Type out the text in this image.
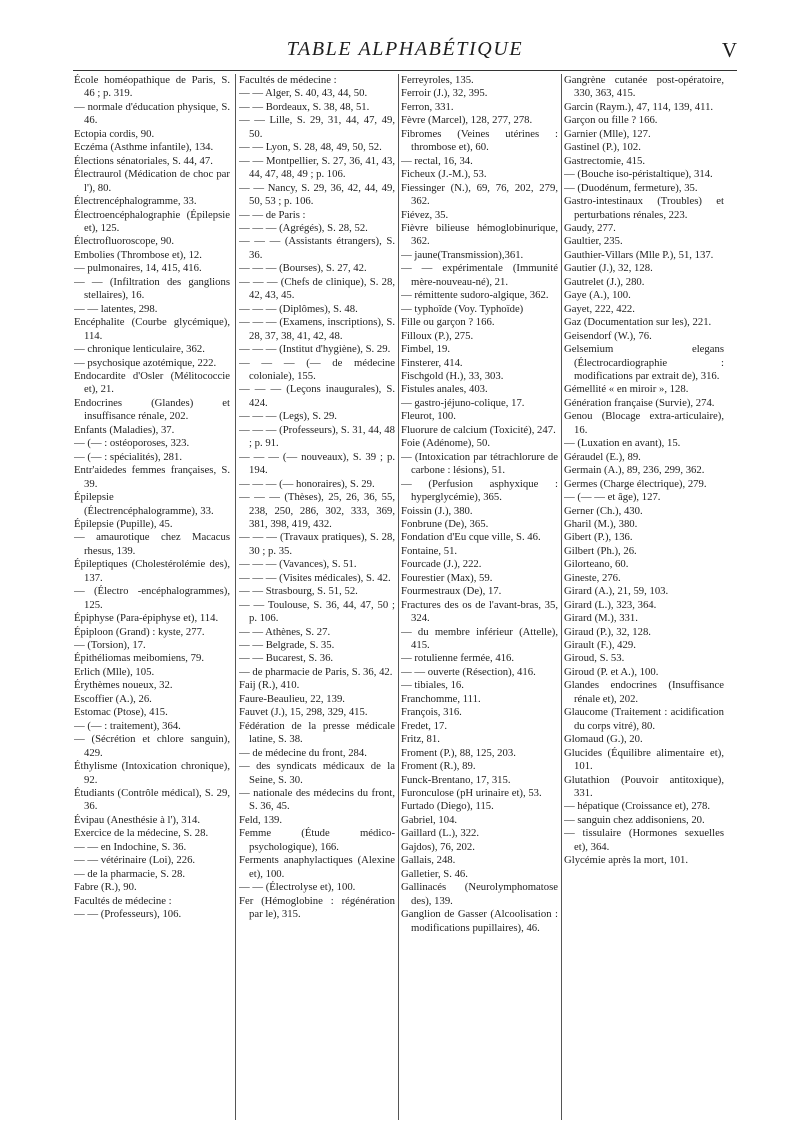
TABLE ALPHABÉTIQUE	V
École homéopathique de Paris, S. 46 ; p. 319.
— normale d'éducation physique, S. 46.
Ectopia cordis, 90.
Eczéma (Asthme infantile), 134.
Élections sénatoriales, S. 44, 47.
Électraurol (Médication de choc par l'), 80.
Électrencéphalogramme, 33.
Électroencéphalographie (Épilepsie et), 125.
Électrofluoroscope, 90.
Embolies (Thrombose et), 12.
— pulmonaires, 14, 415, 416.
— — (Infiltration des ganglions stellaires), 16.
— — latentes, 298.
Encéphalite (Courbe glycémique), 114.
— chronique lenticulaire, 362.
— psychosique azotémique, 222.
Endocardite d'Osler (Mélitococcie et), 21.
Endocrines (Glandes) et insuffisance rénale, 202.
Enfants (Maladies), 37.
— (— : ostéoporoses, 323.
— (— : spécialités), 281.
Entr'aidedes femmes françaises, S. 39.
Épilepsie (Électrencéphalogramme), 33.
Épilepsie (Pupille), 45.
— amaurotique chez Macacus rhesus, 139.
Épileptiques (Cholestérolémie des), 137.
— (Électro -encéphalogrammes), 125.
Épiphyse (Para-épiphyse et), 114.
Épiploon (Grand) : kyste, 277.
— (Torsion), 17.
Épithéliomas meibomiens, 79.
Erlich (Mlle), 105.
Érythèmes noueux, 32.
Escoffier (A.), 26.
Estomac (Ptose), 415.
— (— : traitement), 364.
— (Sécrétion et chlore sanguin), 429.
Éthylisme (Intoxication chronique), 92.
Étudiants (Contrôle médical), S. 29, 36.
Évipau (Anesthésie à l'), 314.
Exercice de la médecine, S. 28.
— — en Indochine, S. 36.
— — vétérinaire (Loi), 226.
— de la pharmacie, S. 28.
Fabre (R.), 90.
Facultés de médecine :
— — (Professeurs), 106.
Facultés de médecine :
— — Alger, S. 40, 43, 44, 50.
— — Bordeaux, S. 38, 48, 51.
— — Lille, S. 29, 31, 44, 47, 49, 50.
— — Lyon, S. 28, 48, 49, 50, 52.
— — Montpellier, S. 27, 36, 41, 43, 44, 47, 48, 49 ; p. 106.
— — Nancy, S. 29, 36, 42, 44, 49, 50, 53 ; p. 106.
— — de Paris :
— — — (Agrégés), S. 28, 52.
— — — (Assistants étrangers), S. 36.
— — — (Bourses), S. 27, 42.
— — — (Chefs de clinique), S. 28, 42, 43, 45.
— — — (Diplômes), S. 48.
— — — (Examens, inscriptions), S. 28, 37, 38, 41, 42, 48.
— — — (Institut d'hygiène), S. 29.
— — — (— de médecine coloniale), 155.
— — — (Leçons inaugurales), S. 424.
— — — (Legs), S. 29.
— — — (Professeurs), S. 31, 44, 48 ; p. 91.
— — — (— nouveaux), S. 39 ; p. 194.
— — — (— honoraires), S. 29.
— — — (Thèses), 25, 26, 36, 55, 238, 250, 286, 302, 333, 369, 381, 398, 419, 432.
— — — (Travaux pratiques), S. 28, 30 ; p. 35.
— — — (Vavances), S. 51.
— — — (Visites médicales), S. 42.
— — Strasbourg, S. 51, 52.
— — Toulouse, S. 36, 44, 47, 50 ; p. 106.
— — Athènes, S. 27.
— — Belgrade, S. 35.
— — Bucarest, S. 36.
— de pharmacie de Paris, S. 36, 42.
Faij (R.), 410.
Faure-Beaulieu, 22, 139.
Fauvet (J.), 15, 298, 329, 415.
Fédération de la presse médicale latine, S. 38.
— de médecine du front, 284.
— des syndicats médicaux de la Seine, S. 30.
— nationale des médecins du front, S. 36, 45.
Feld, 139.
Femme (Étude médico-psychologique), 166.
Ferments anaphylactiques (Alexine et), 100.
— — (Électrolyse et), 100.
Fer (Hémoglobine : régénération par le), 315.
Ferreyroles, 135.
Ferroir (J.), 32, 395.
Ferron, 331.
Fèvre (Marcel), 128, 277, 278.
Fibromes (Veines utérines : thrombose et), 60.
— rectal, 16, 34.
Ficheux (J.-M.), 53.
Fiessinger (N.), 69, 76, 202, 279, 362.
Fiévez, 35.
Fièvre bilieuse hémoglobinurique, 362.
— jaune(Transmission),361.
— — expérimentale (Immunité mère-nouveau-né), 21.
— rémittente sudoro-algique, 362.
— typhoïde (Voy. Typhoïde)
Fille ou garçon ? 166.
Filloux (P.), 275.
Fimbel, 19.
Finsterer, 414.
Fischgold (H.), 33, 303.
Fistules anales, 403.
— gastro-jéjuno-colique, 17.
Fleurot, 100.
Fluorure de calcium (Toxicité), 247.
Foie (Adénome), 50.
— (Intoxication par tétrachlorure de carbone : lésions), 51.
— (Perfusion asphyxique : hyperglycémie), 365.
Foissin (J.), 380.
Fonbrune (De), 365.
Fondation d'Eu cque ville, S. 46.
Fontaine, 51.
Fourcade (J.), 222.
Fourestier (Max), 59.
Fourmestraux (De), 17.
Fractures des os de l'avant-bras, 35, 324.
— du membre inférieur (Attelle), 415.
— rotulienne fermée, 416.
— — ouverte (Résection), 416.
— tibiales, 16.
Franchomme, 111.
François, 316.
Fredet, 17.
Fritz, 81.
Froment (P.), 88, 125, 203.
Froment (R.), 89.
Funck-Brentano, 17, 315.
Furonculose (pH urinaire et), 53.
Furtado (Diego), 115.
Gabriel, 104.
Gaillard (L.), 322.
Gajdos), 76, 202.
Gallais, 248.
Galletier, S. 46.
Gallinacés (Neurolymphomatose des), 139.
Ganglion de Gasser (Alcoolisation : modifications pupillaires), 46.
Gangrène cutanée post-opératoire, 330, 363, 415.
Garcin (Raym.), 47, 114, 139, 411.
Garçon ou fille ? 166.
Garnier (Mlle), 127.
Gastinel (P.), 102.
Gastrectomie, 415.
— (Bouche iso-péristaltique), 314.
— (Duodénum, fermeture), 35.
Gastro-intestinaux (Troubles) et perturbations rénales, 223.
Gaudy, 277.
Gaultier, 235.
Gauthier-Villars (Mlle P.), 51, 137.
Gautier (J.), 32, 128.
Gautrelet (J.), 280.
Gaye (A.), 100.
Gayet, 222, 422.
Gaz (Documentation sur les), 221.
Geisendorf (W.), 76.
Gelsemium elegans (Électrocardiographie : modifications par extrait de), 316.
Gémellité « en miroir », 128.
Génération française (Survie), 274.
Genou (Blocage extra-articulaire), 16.
— (Luxation en avant), 15.
Géraudel (E.), 89.
Germain (A.), 89, 236, 299, 362.
Germes (Charge électrique), 279.
— (— — et âge), 127.
Gerner (Ch.), 430.
Gharil (M.), 380.
Gibert (P.), 136.
Gilbert (Ph.), 26.
Gilorteano, 60.
Gineste, 276.
Girard (A.), 21, 59, 103.
Girard (L.), 323, 364.
Girard (M.), 331.
Giraud (P.), 32, 128.
Girault (F.), 429.
Giroud, S. 53.
Giroud (P. et A.), 100.
Glandes endocrines (Insuffisance rénale et), 202.
Glaucome (Traitement : acidification du corps vitré), 80.
Glomaud (G.), 20.
Glucides (Équilibre alimentaire et), 101.
Glutathion (Pouvoir antitoxique), 331.
— hépatique (Croissance et), 278.
— sanguin chez addisoniens, 20.
— tissulaire (Hormones sexuelles et), 364.
Glycémie après la mort, 101.
